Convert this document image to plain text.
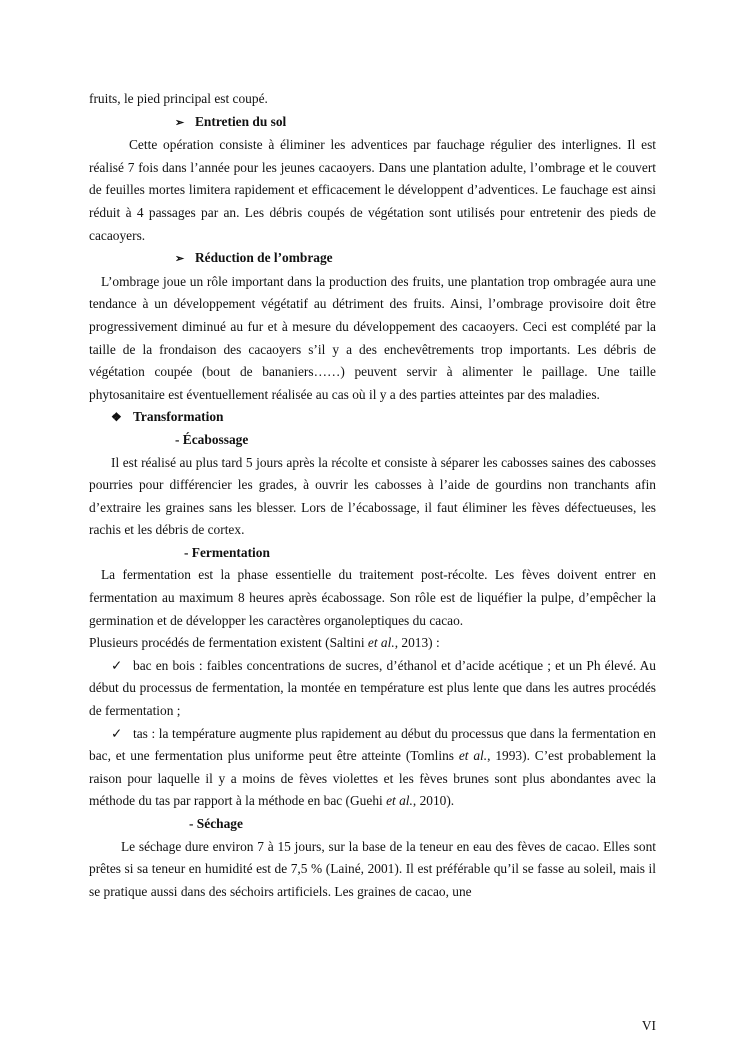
fruits, le pied principal est coupé.

➢ Entretien du sol

Cette opération consiste à éliminer les adventices par fauchage régulier des interlignes. Il est réalisé 7 fois dans l’année pour les jeunes cacaoyers. Dans une plantation adulte, l’ombrage et le couvert de feuilles mortes limitera rapidement et efficacement le développent d’adventices. Le fauchage est ainsi réduit à 4 passages par an. Les débris coupés de végétation sont utilisés pour entretenir des pieds de cacaoyers.

➢ Réduction de l’ombrage

L’ombrage joue un rôle important dans la production des fruits, une plantation trop ombragée aura une tendance à un développement végétatif au détriment des fruits. Ainsi, l’ombrage provisoire doit être progressivement diminué au fur et à mesure du développement des cacaoyers. Ceci est complété par la taille de la frondaison des cacaoyers s’il y a des enchevêtrements trop importants. Les débris de végétation coupée (bout de bananiers……) peuvent servir à alimenter le paillage. Une taille phytosanitaire est éventuellement réalisée au cas où il y a des parties atteintes par des maladies.

❖ Transformation
- Écabossage

Il est réalisé au plus tard 5 jours après la récolte et consiste à séparer les cabosses saines des cabosses pourries pour différencier les grades, à ouvrir les cabosses à l’aide de gourdins non tranchants afin d’extraire les graines sans les blesser. Lors de l’écabossage, il faut éliminer les fèves défectueuses, les rachis et les débris de cortex.

- Fermentation

La fermentation est la phase essentielle du traitement post-récolte. Les fèves doivent entrer en fermentation au maximum 8 heures après écabossage. Son rôle est de liquéfier la pulpe, d’empêcher la germination et de développer les caractères organoleptiques du cacao.

Plusieurs procédés de fermentation existent (Saltini et al., 2013) :

✓ bac en bois : faibles concentrations de sucres, d’éthanol et d’acide acétique ; et un Ph élevé. Au début du processus de fermentation, la montée en température est plus lente que dans les autres procédés de fermentation ;

✓ tas : la température augmente plus rapidement au début du processus que dans la fermentation en bac, et une fermentation plus uniforme peut être atteinte (Tomlins et al., 1993). C’est probablement la raison pour laquelle il y a moins de fèves violettes et les fèves brunes sont plus abondantes avec la méthode du tas par rapport à la méthode en bac (Guehi et al., 2010).

- Séchage

Le séchage dure environ 7 à 15 jours, sur la base de la teneur en eau des fèves de cacao. Elles sont prêtes si sa teneur en humidité est de 7,5 % (Lainé, 2001). Il est préférable qu’il se fasse au soleil, mais il se pratique aussi dans des séchoirs artificiels. Les graines de cacao, une

VI
